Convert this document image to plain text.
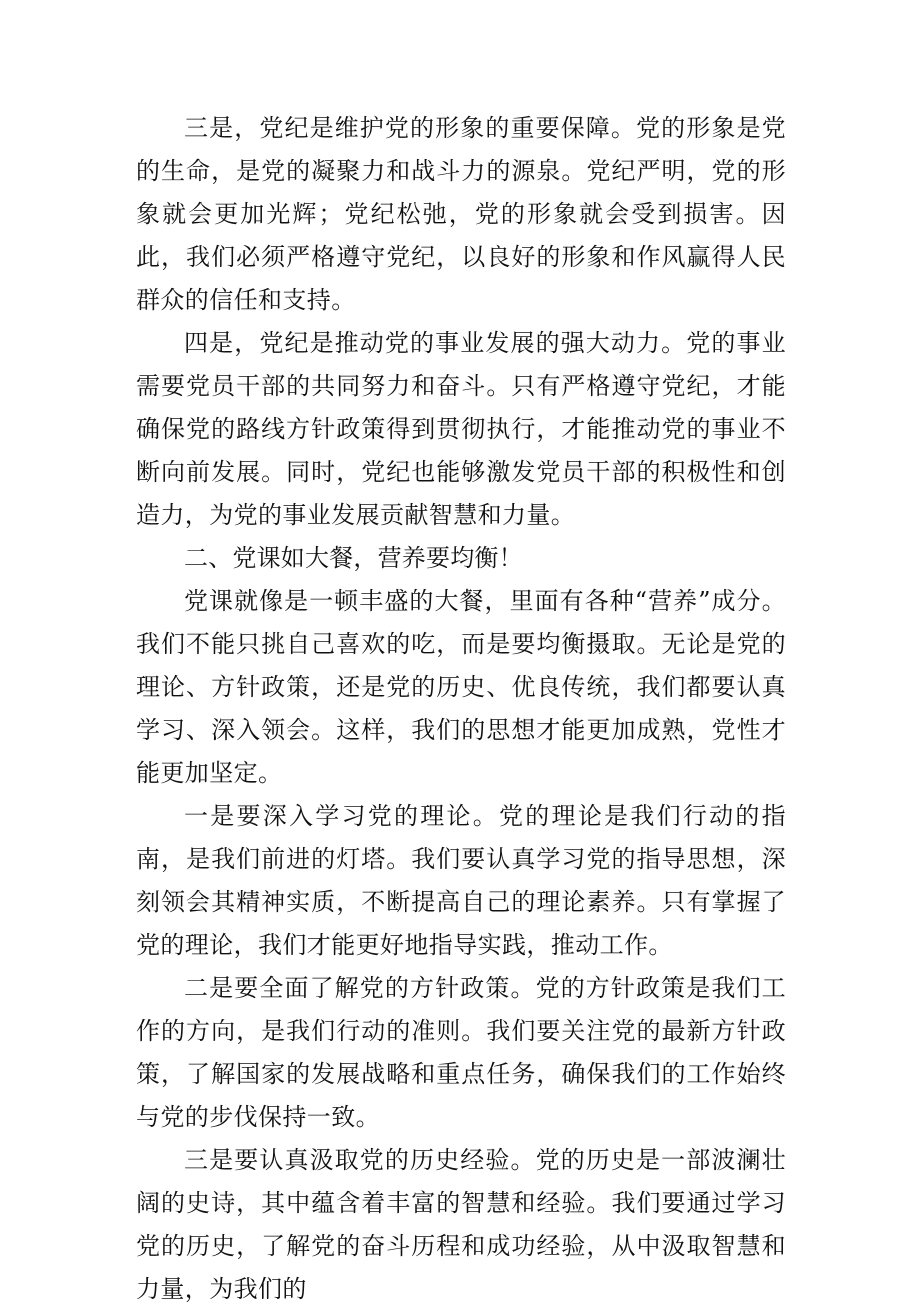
三是，党纪是维护党的形象的重要保障。党的形象是党的生命，是党的凝聚力和战斗力的源泉。党纪严明，党的形象就会更加光辉；党纪松弛，党的形象就会受到损害。因此，我们必须严格遵守党纪，以良好的形象和作风赢得人民群众的信任和支持。

四是，党纪是推动党的事业发展的强大动力。党的事业需要党员干部的共同努力和奋斗。只有严格遵守党纪，才能确保党的路线方针政策得到贯彻执行，才能推动党的事业不断向前发展。同时，党纪也能够激发党员干部的积极性和创造力，为党的事业发展贡献智慧和力量。

二、党课如大餐，营养要均衡！

党课就像是一顿丰盛的大餐，里面有各种“营养”成分。我们不能只挑自己喜欢的吃，而是要均衡摄取。无论是党的理论、方针政策，还是党的历史、优良传统，我们都要认真学习、深入领会。这样，我们的思想才能更加成熟，党性才能更加坚定。

一是要深入学习党的理论。党的理论是我们行动的指南，是我们前进的灯塔。我们要认真学习党的指导思想，深刻领会其精神实质，不断提高自己的理论素养。只有掌握了党的理论，我们才能更好地指导实践，推动工作。

二是要全面了解党的方针政策。党的方针政策是我们工作的方向，是我们行动的准则。我们要关注党的最新方针政策，了解国家的发展战略和重点任务，确保我们的工作始终与党的步伐保持一致。

三是要认真汲取党的历史经验。党的历史是一部波澜壮阔的史诗，其中蕴含着丰富的智慧和经验。我们要通过学习党的历史，了解党的奋斗历程和成功经验，从中汲取智慧和力量，为我们的
